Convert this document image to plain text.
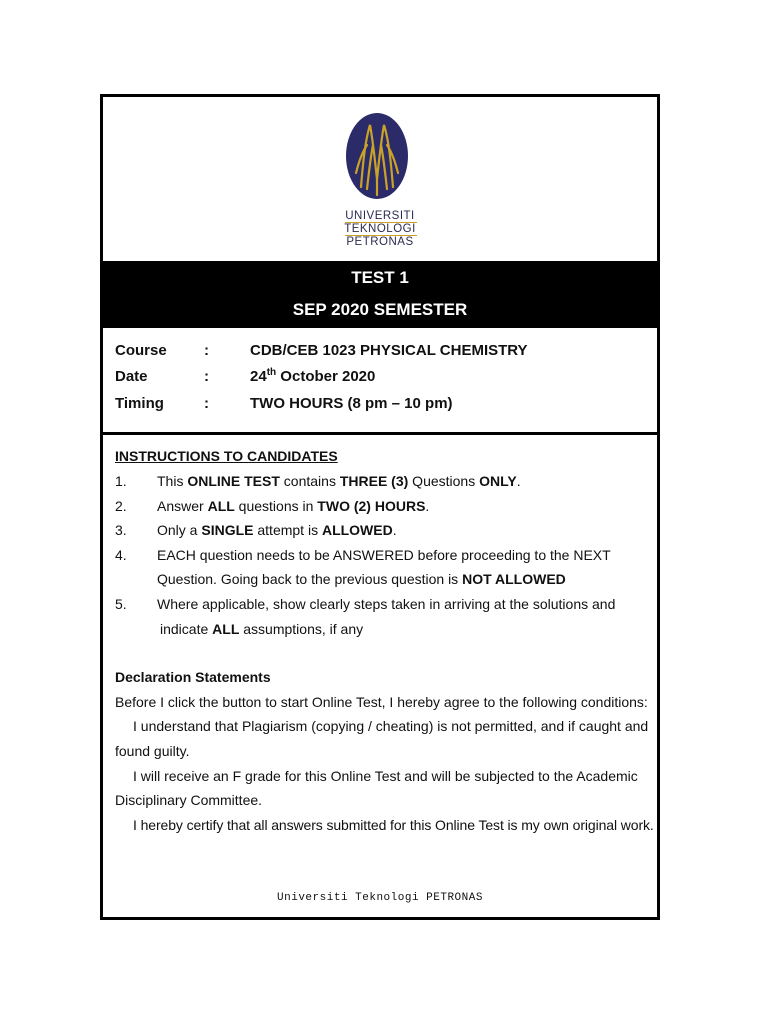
UNIVERSITI
TEKNOLOGI
PETRONAS
TEST 1
SEP 2020 SEMESTER
Course :	CDB/CEB 1023 PHYSICAL CHEMISTRY
Date	:	24th October 2020
Timing	:	TWO HOURS (8 pm – 10 pm)
INSTRUCTIONS TO CANDIDATES
1. This ONLINE TEST contains THREE (3) Questions ONLY.
2. Answer ALL questions in TWO (2) HOURS.
3. Only a SINGLE attempt is ALLOWED.
4. EACH question needs to be ANSWERED before proceeding to the NEXT
Question. Going back to the previous question is NOT ALLOWED
5. Where applicable, show clearly steps taken in arriving at the solutions and
indicate ALL assumptions, if any
Declaration Statements
Before I click the button to start Online Test, I hereby agree to the following conditions:
I understand that Plagiarism (copying / cheating) is not permitted, and if caught and
found guilty.
I will receive an F grade for this Online Test and will be subjected to the Academic
Disciplinary Committee.
I hereby certify that all answers submitted for this Online Test is my own original work.
Universiti Teknologi PETRONAS
